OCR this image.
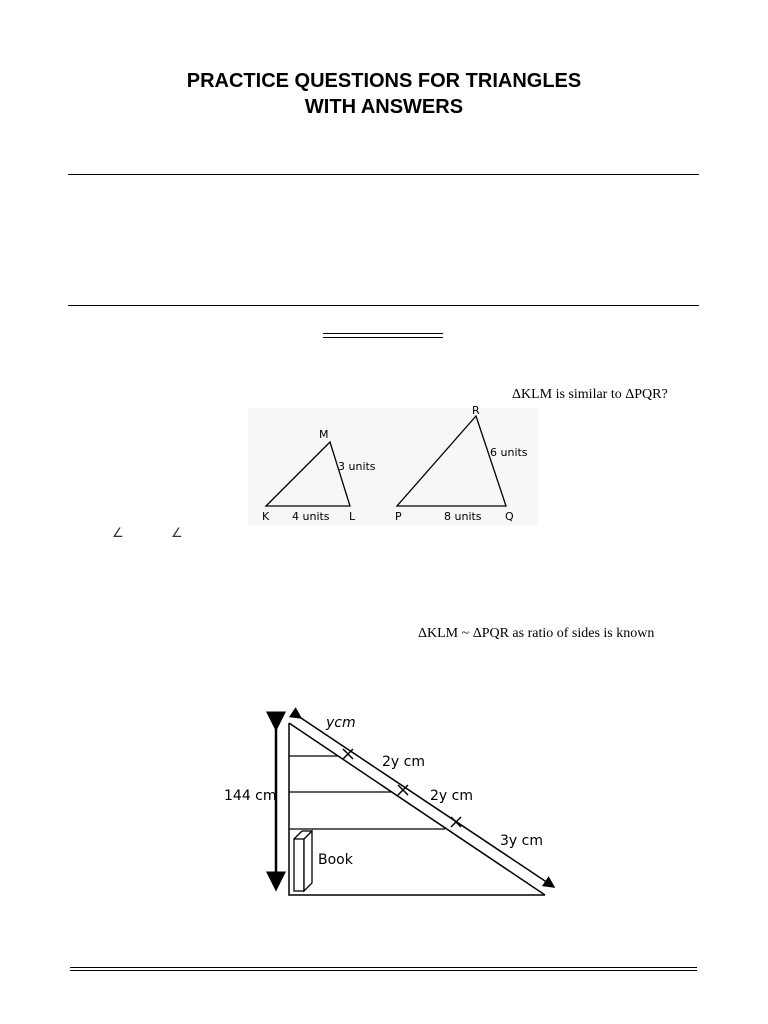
PRACTICE QUESTIONS FOR TRIANGLES
WITH ANSWERS
ΔKLM is similar to ΔPQR?
K	L
M
4 units
3 units
P	Q
R
8 units
6 units
∠	∠
ΔKLM ~ ΔPQR as ratio of sides is known
144 cm
ycm
2y cm
2y cm
3y cm
Book
